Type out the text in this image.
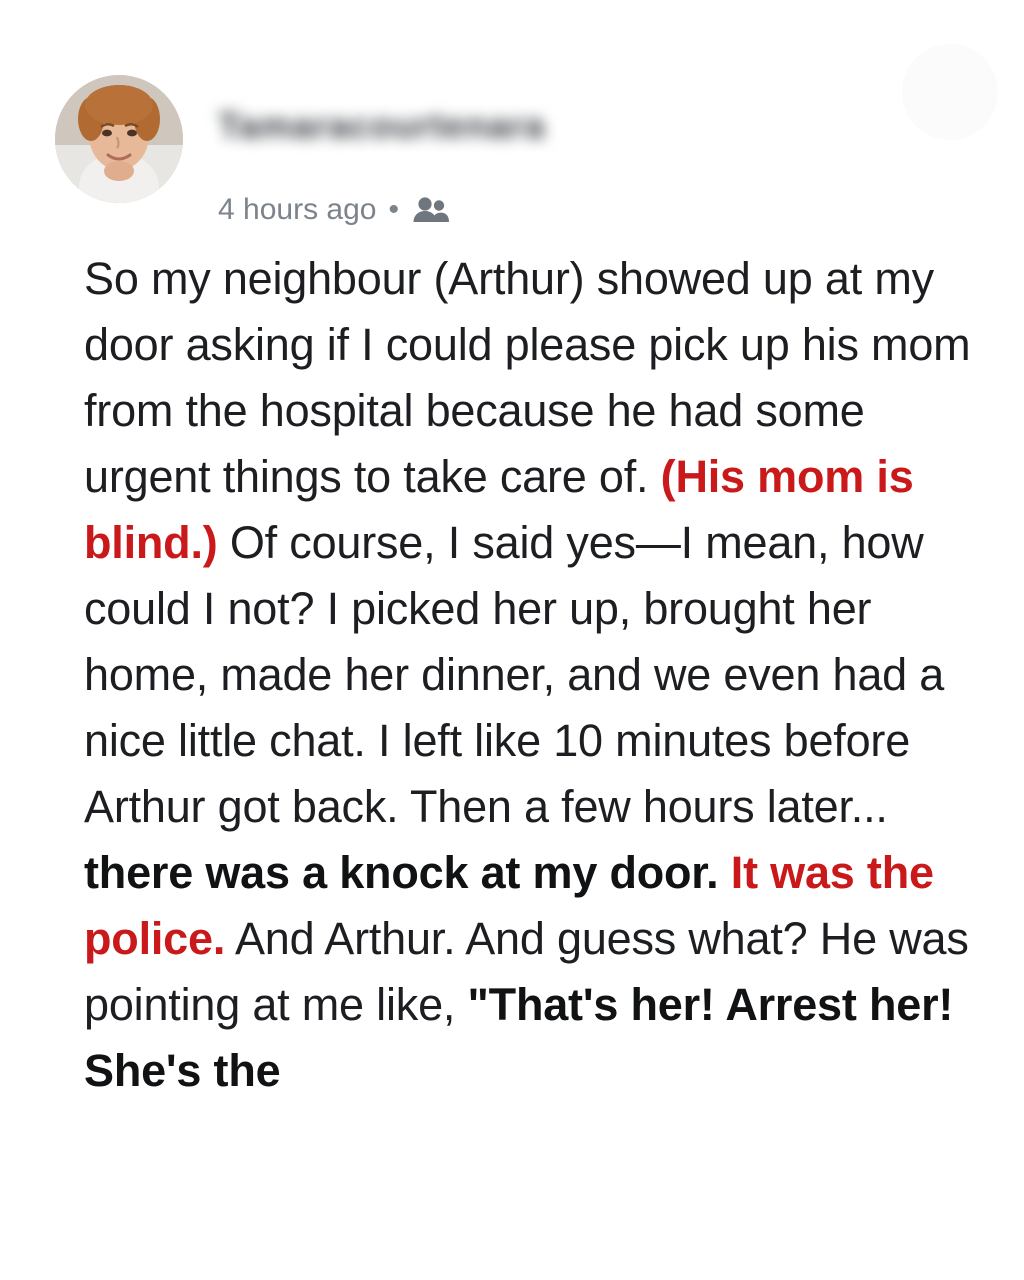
Tamaracourtenara
4 hours ago •
So my neighbour (Arthur) showed up at my door asking if I could please pick up his mom from the hospital because he had some urgent things to take care of. (His mom is blind.) Of course, I said yes—I mean, how could I not? I picked her up, brought her home, made her dinner, and we even had a nice little chat. I left like 10 minutes before Arthur got back. Then a few hours later... there was a knock at my door. It was the police. And Arthur. And guess what? He was pointing at me like, "That's her! Arrest her! She's the
